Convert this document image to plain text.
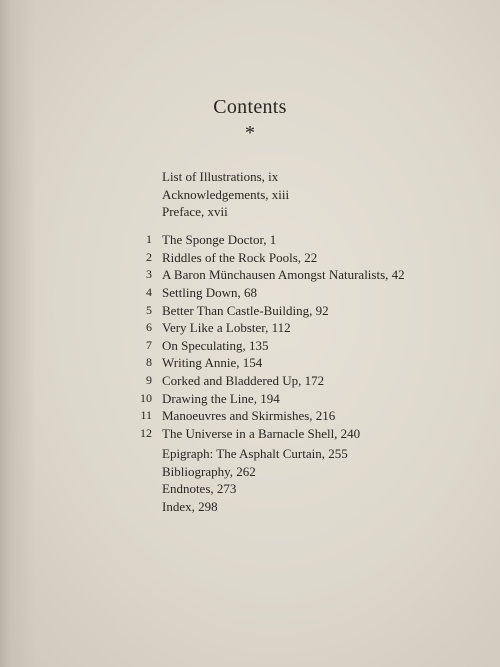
Contents
*
List of Illustrations, ix
Acknowledgements, xiii
Preface, xvii
1 The Sponge Doctor, 1
2 Riddles of the Rock Pools, 22
3 A Baron Münchausen Amongst Naturalists, 42
4 Settling Down, 68
5 Better Than Castle-Building, 92
6 Very Like a Lobster, 112
7 On Speculating, 135
8 Writing Annie, 154
9 Corked and Bladdered Up, 172
10 Drawing the Line, 194
11 Manoeuvres and Skirmishes, 216
12 The Universe in a Barnacle Shell, 240
Epigraph: The Asphalt Curtain, 255
Bibliography, 262
Endnotes, 273
Index, 298
